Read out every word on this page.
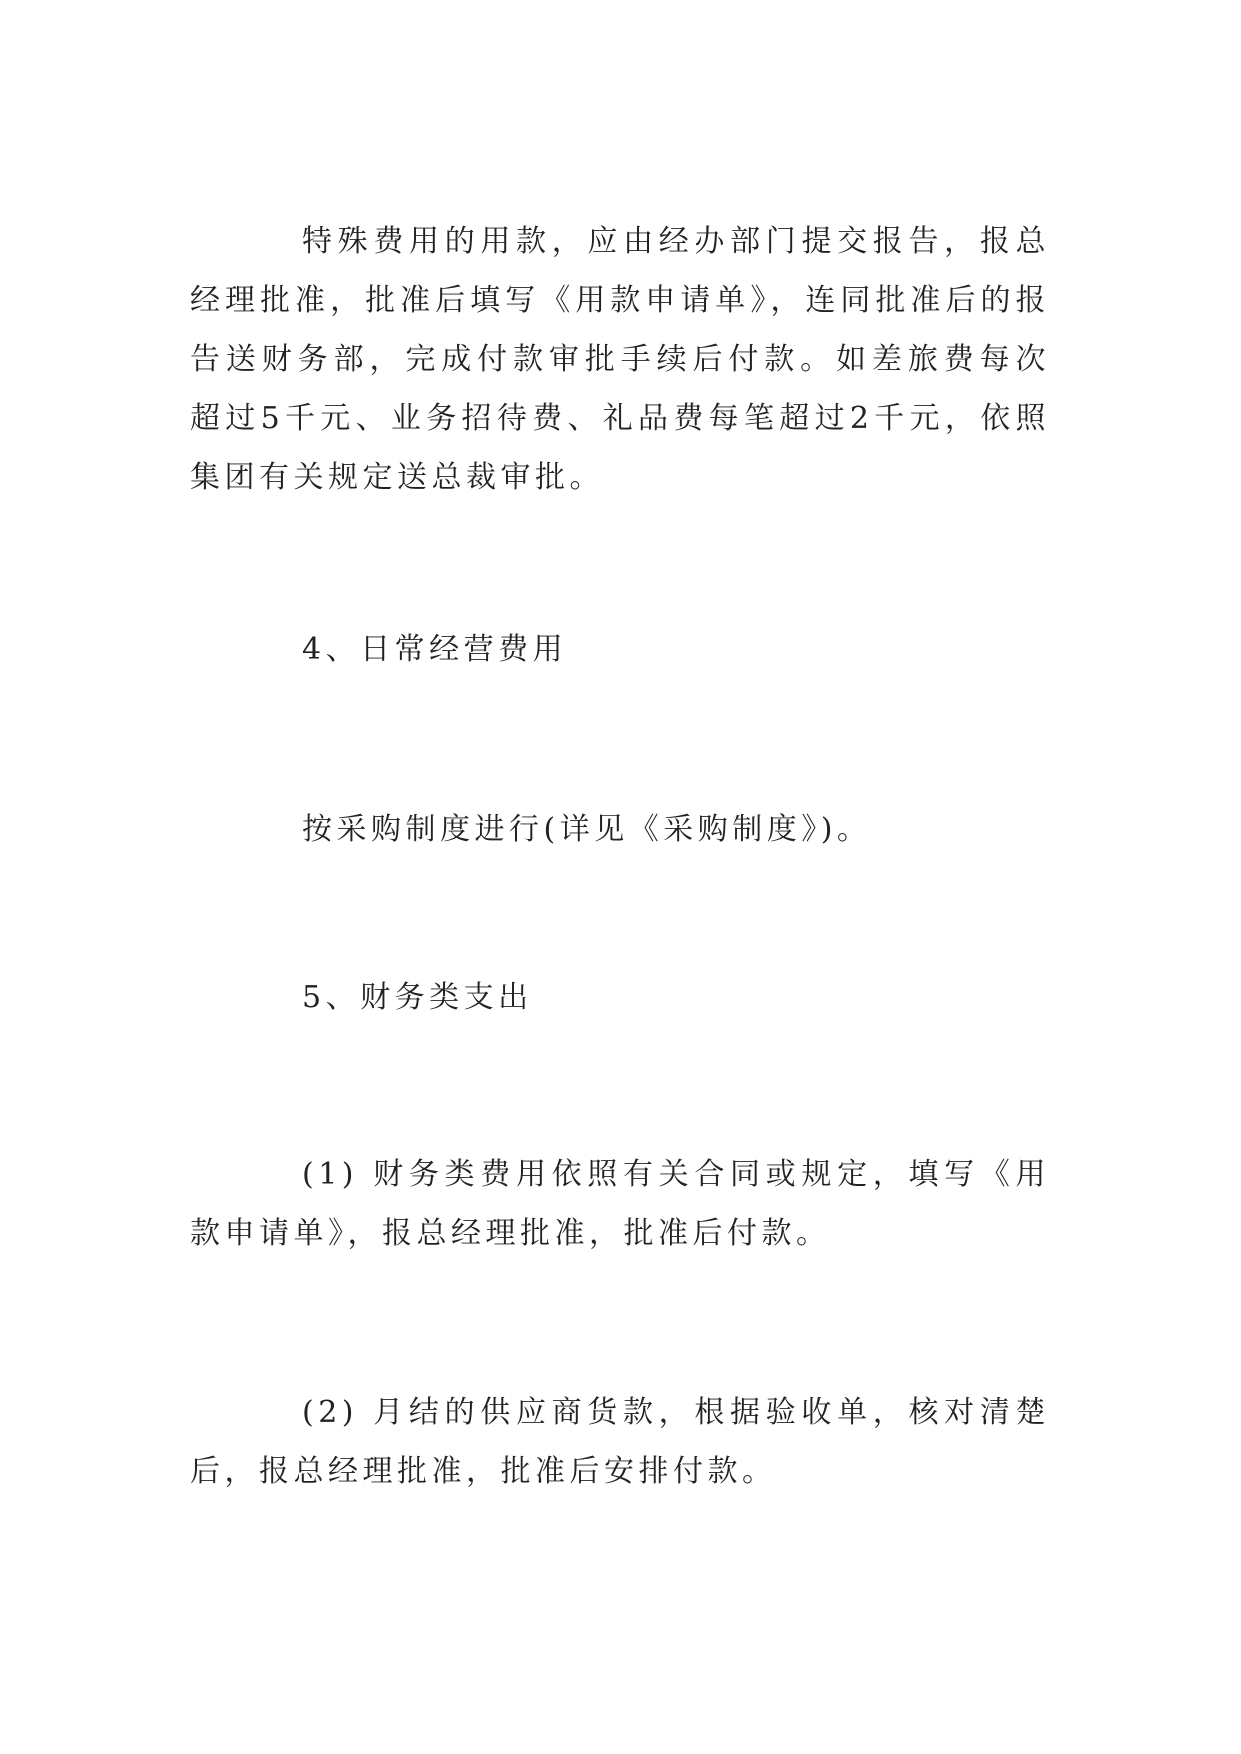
特殊费用的用款，应由经办部门提交报告，报总经理批准，批准后填写《用款申请单》，连同批准后的报告送财务部，完成付款审批手续后付款。如差旅费每次超过5千元、业务招待费、礼品费每笔超过2千元，依照集团有关规定送总裁审批。

4、日常经营费用

按采购制度进行(详见《采购制度》)。

5、财务类支出

(1) 财务类费用依照有关合同或规定，填写《用款申请单》，报总经理批准，批准后付款。

(2) 月结的供应商货款，根据验收单，核对清楚后，报总经理批准，批准后安排付款。
